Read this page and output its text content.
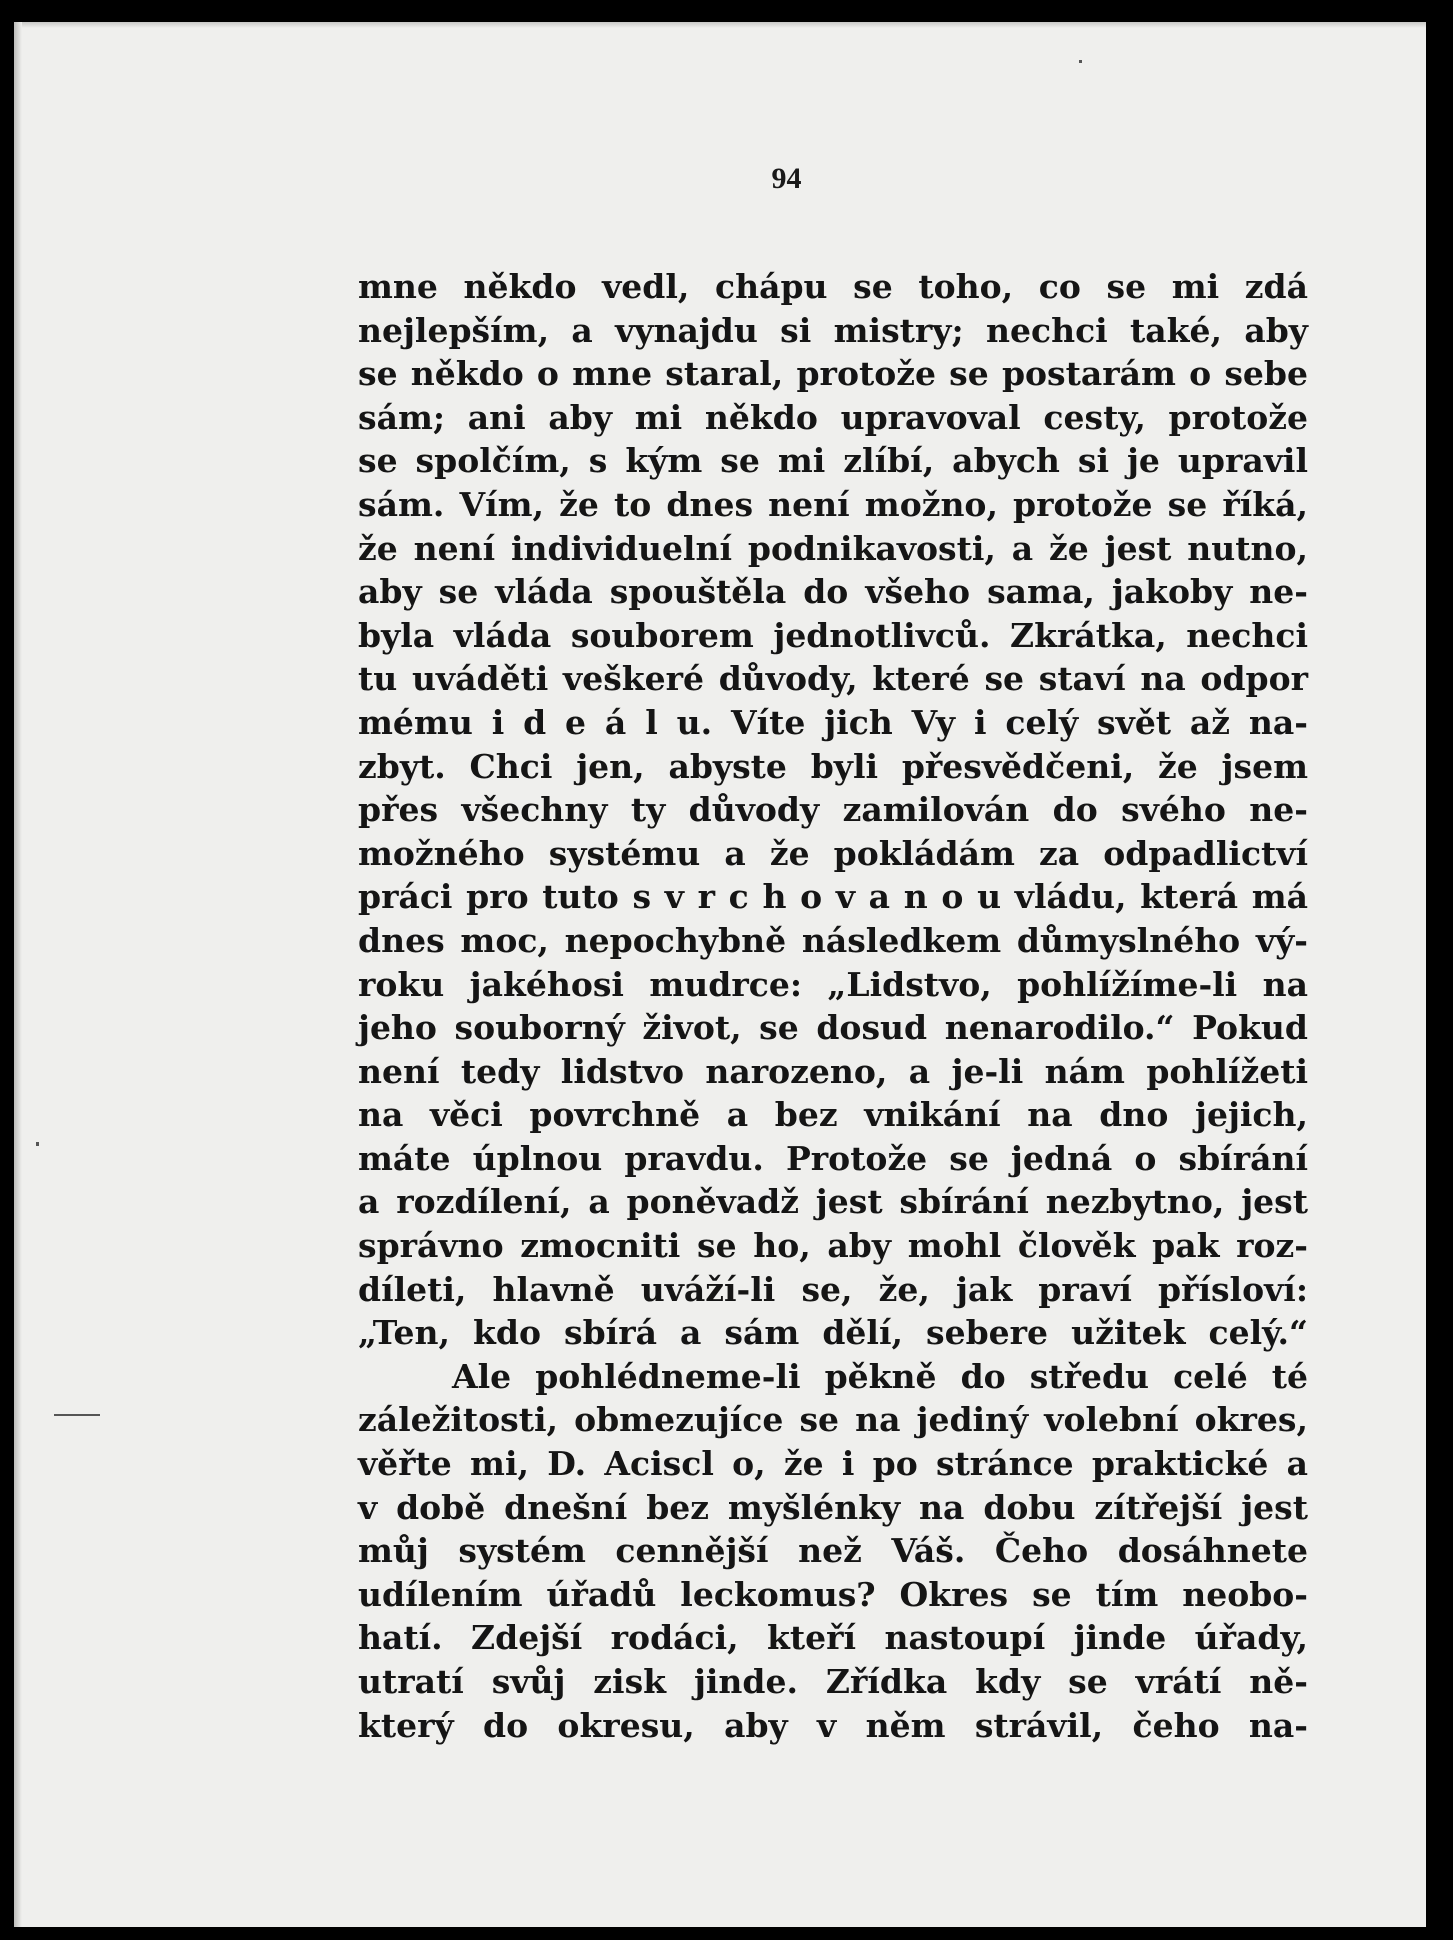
94
mne někdo vedl, chápu se toho, co se mi zdá
nejlepším, a vynajdu si mistry; nechci také, aby
se někdo o mne staral, protože se postarám o sebe
sám; ani aby mi někdo upravoval cesty, protože
se spolčím, s kým se mi zlíbí, abych si je upravil
sám. Vím, že to dnes není možno, protože se říká,
že není individuelní podnikavosti, a že jest nutno,
aby se vláda spouštěla do všeho sama, jakoby ne-
byla vláda souborem jednotlivců. Zkrátka, nechci
tu uváděti veškeré důvody, které se staví na odpor
mému i d e á l u. Víte jich Vy i celý svět až na-
zbyt. Chci jen, abyste byli přesvědčeni, že jsem
přes všechny ty důvody zamilován do svého ne-
možného systému a že pokládám za odpadlictví
práci pro tuto s v r c h o v a n o u vládu, která má
dnes moc, nepochybně následkem důmyslného vý-
roku jakéhosi mudrce: „Lidstvo, pohlížíme-li na
jeho souborný život, se dosud nenarodilo.“ Pokud
není tedy lidstvo narozeno, a je-li nám pohlížeti
na věci povrchně a bez vnikání na dno jejich,
máte úplnou pravdu. Protože se jedná o sbírání
a rozdílení, a poněvadž jest sbírání nezbytno, jest
správno zmocniti se ho, aby mohl člověk pak roz-
díleti, hlavně uváží-li se, že, jak praví přísloví:
„Ten, kdo sbírá a sám dělí, sebere užitek celý.“
Ale pohlédneme-li pěkně do středu celé té
záležitosti, obmezujíce se na jediný volební okres,
věřte mi, D. Aciscl o, že i po stránce praktické a
v době dnešní bez myšlénky na dobu zítřejší jest
můj systém cennější než Váš. Čeho dosáhnete
udílením úřadů leckomus? Okres se tím neobo-
hatí. Zdejší rodáci, kteří nastoupí jinde úřady,
utratí svůj zisk jinde. Zřídka kdy se vrátí ně-
který do okresu, aby v něm strávil, čeho na-
